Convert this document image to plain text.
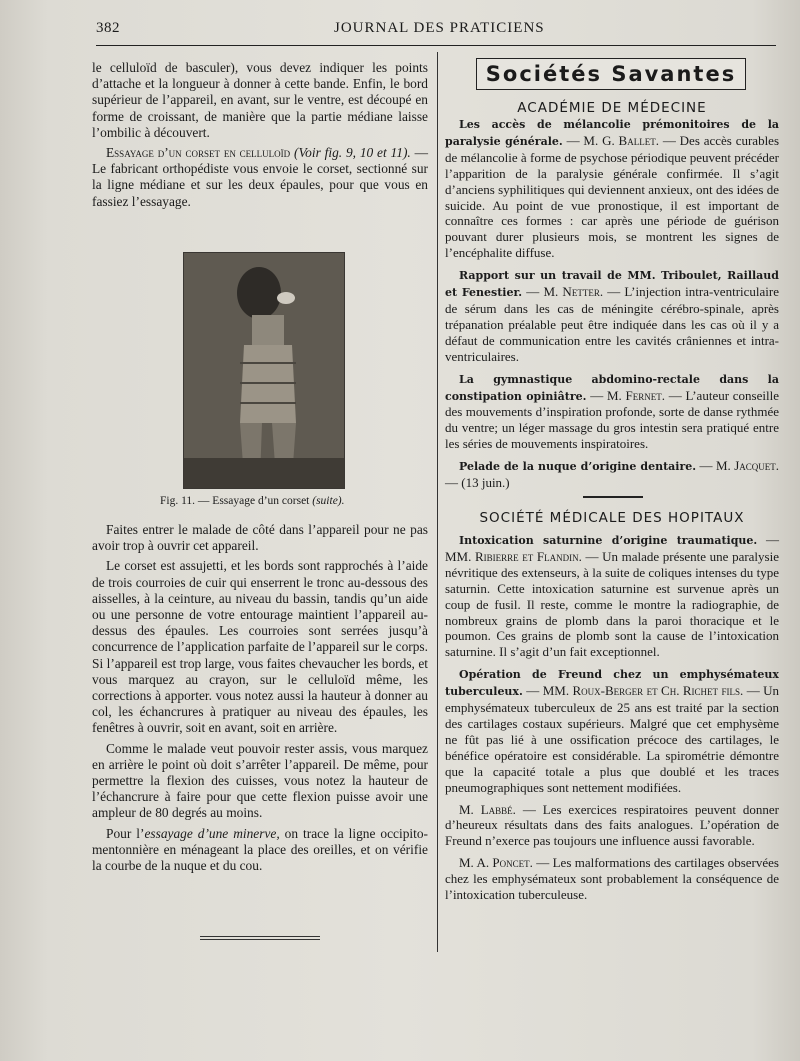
382	JOURNAL DES PRATICIENS

le celluloïd de basculer), vous devez indiquer les points d’attache et la longueur à donner à cette bande. Enfin, le bord supérieur de l’appareil, en avant, sur le ventre, est découpé en forme de croissant, de manière que la partie médiane laisse l’ombilic à découvert.

Essayage d’un corset en celluloïd (Voir fig. 9, 10 et 11). — Le fabricant orthopédiste vous envoie le corset, sectionné sur la ligne médiane et sur les deux épaules, pour que vous en fassiez l’essayage.

Fig. 11. — Essayage d’un corset (suite).

Faites entrer le malade de côté dans l’appareil pour ne pas avoir trop à ouvrir cet appareil.

Le corset est assujetti, et les bords sont rapprochés à l’aide de trois courroies de cuir qui enserrent le tronc au-dessous des aisselles, à la ceinture, au niveau du bassin, tandis qu’un aide ou une personne de votre entourage maintient l’appareil au-dessus des épaules. Les courroies sont serrées jusqu’à concurrence de l’application parfaite de l’appareil sur le corps. Si l’appareil est trop large, vous faites chevaucher les bords, et vous marquez au crayon, sur le celluloïd même, les corrections à apporter. vous notez aussi la hauteur à donner au col, les échancrures à pratiquer au niveau des épaules, les fenêtres à ouvrir, soit en avant, soit en arrière.

Comme le malade veut pouvoir rester assis, vous marquez en arrière le point où doit s’arrêter l’appareil. De même, pour permettre la flexion des cuisses, vous notez la hauteur de l’échancrure à faire pour que cette flexion puisse avoir une ampleur de 80 degrés au moins.

Pour l’essayage d’une minerve, on trace la ligne occipito-mentonnière en ménageant la place des oreilles, et on vérifie la courbe de la nuque et du cou.

Sociétés Savantes
ACADÉMIE DE MÉDECINE

Les accès de mélancolie prémonitoires de la paralysie générale. — M. G. Ballet. — Des accès curables de mélancolie à forme de psychose périodique peuvent précéder l’apparition de la paralysie générale confirmée. Il s’agit d’anciens syphilitiques qui deviennent anxieux, ont des idées de suicide. Au point de vue pronostique, il est important de connaître ces formes : car après une période de guérison pouvant durer plusieurs mois, se montrent les signes de l’encéphalite diffuse.

Rapport sur un travail de MM. Triboulet, Raillaud et Fenestier. — M. Netter. — L’injection intra-ventriculaire de sérum dans les cas de méningite cérébro-spinale, après trépanation préalable peut être indiquée dans les cas où il y a défaut de communication entre les cavités crâniennes et intra-ventriculaires.

La gymnastique abdomino-rectale dans la constipation opiniâtre. — M. Fernet. — L’auteur conseille des mouvements d’inspiration profonde, sorte de danse rythmée du ventre; un léger massage du gros intestin sera pratiqué entre les séries de mouvements inspiratoires.

Pelade de la nuque d’origine dentaire. — M. Jacquet. — (13 juin.)

SOCIÉTÉ MÉDICALE DES HOPITAUX

Intoxication saturnine d’origine traumatique. — MM. Ribierre et Flandin. — Un malade présente une paralysie névritique des extenseurs, à la suite de coliques intenses du type saturnin. Cette intoxication saturnine est survenue après un coup de fusil. Il reste, comme le montre la radiographie, de nombreux grains de plomb dans la paroi thoracique et le poumon. Ces grains de plomb sont la cause de l’intoxication saturnine. Il s’agit d’un fait exceptionnel.

Opération de Freund chez un emphysémateux tuberculeux. — MM. Roux-Berger et Ch. Richet fils. — Un emphysémateux tuberculeux de 25 ans est traité par la section des cartilages costaux supérieurs. Malgré que cet emphysème ne fût pas lié à une ossification précoce des cartilages, le bénéfice opératoire est considérable. La spirométrie démontre que la capacité totale a plus que doublé et les traces pneumographiques sont nettement modifiées.

M. Labbé. — Les exercices respiratoires peuvent donner d’heureux résultats dans des faits analogues. L’opération de Freund n’exerce pas toujours une influence aussi favorable.

M. A. Poncet. — Les malformations des cartilages observées chez les emphysémateux sont probablement la conséquence de l’intoxication tuberculeuse.
